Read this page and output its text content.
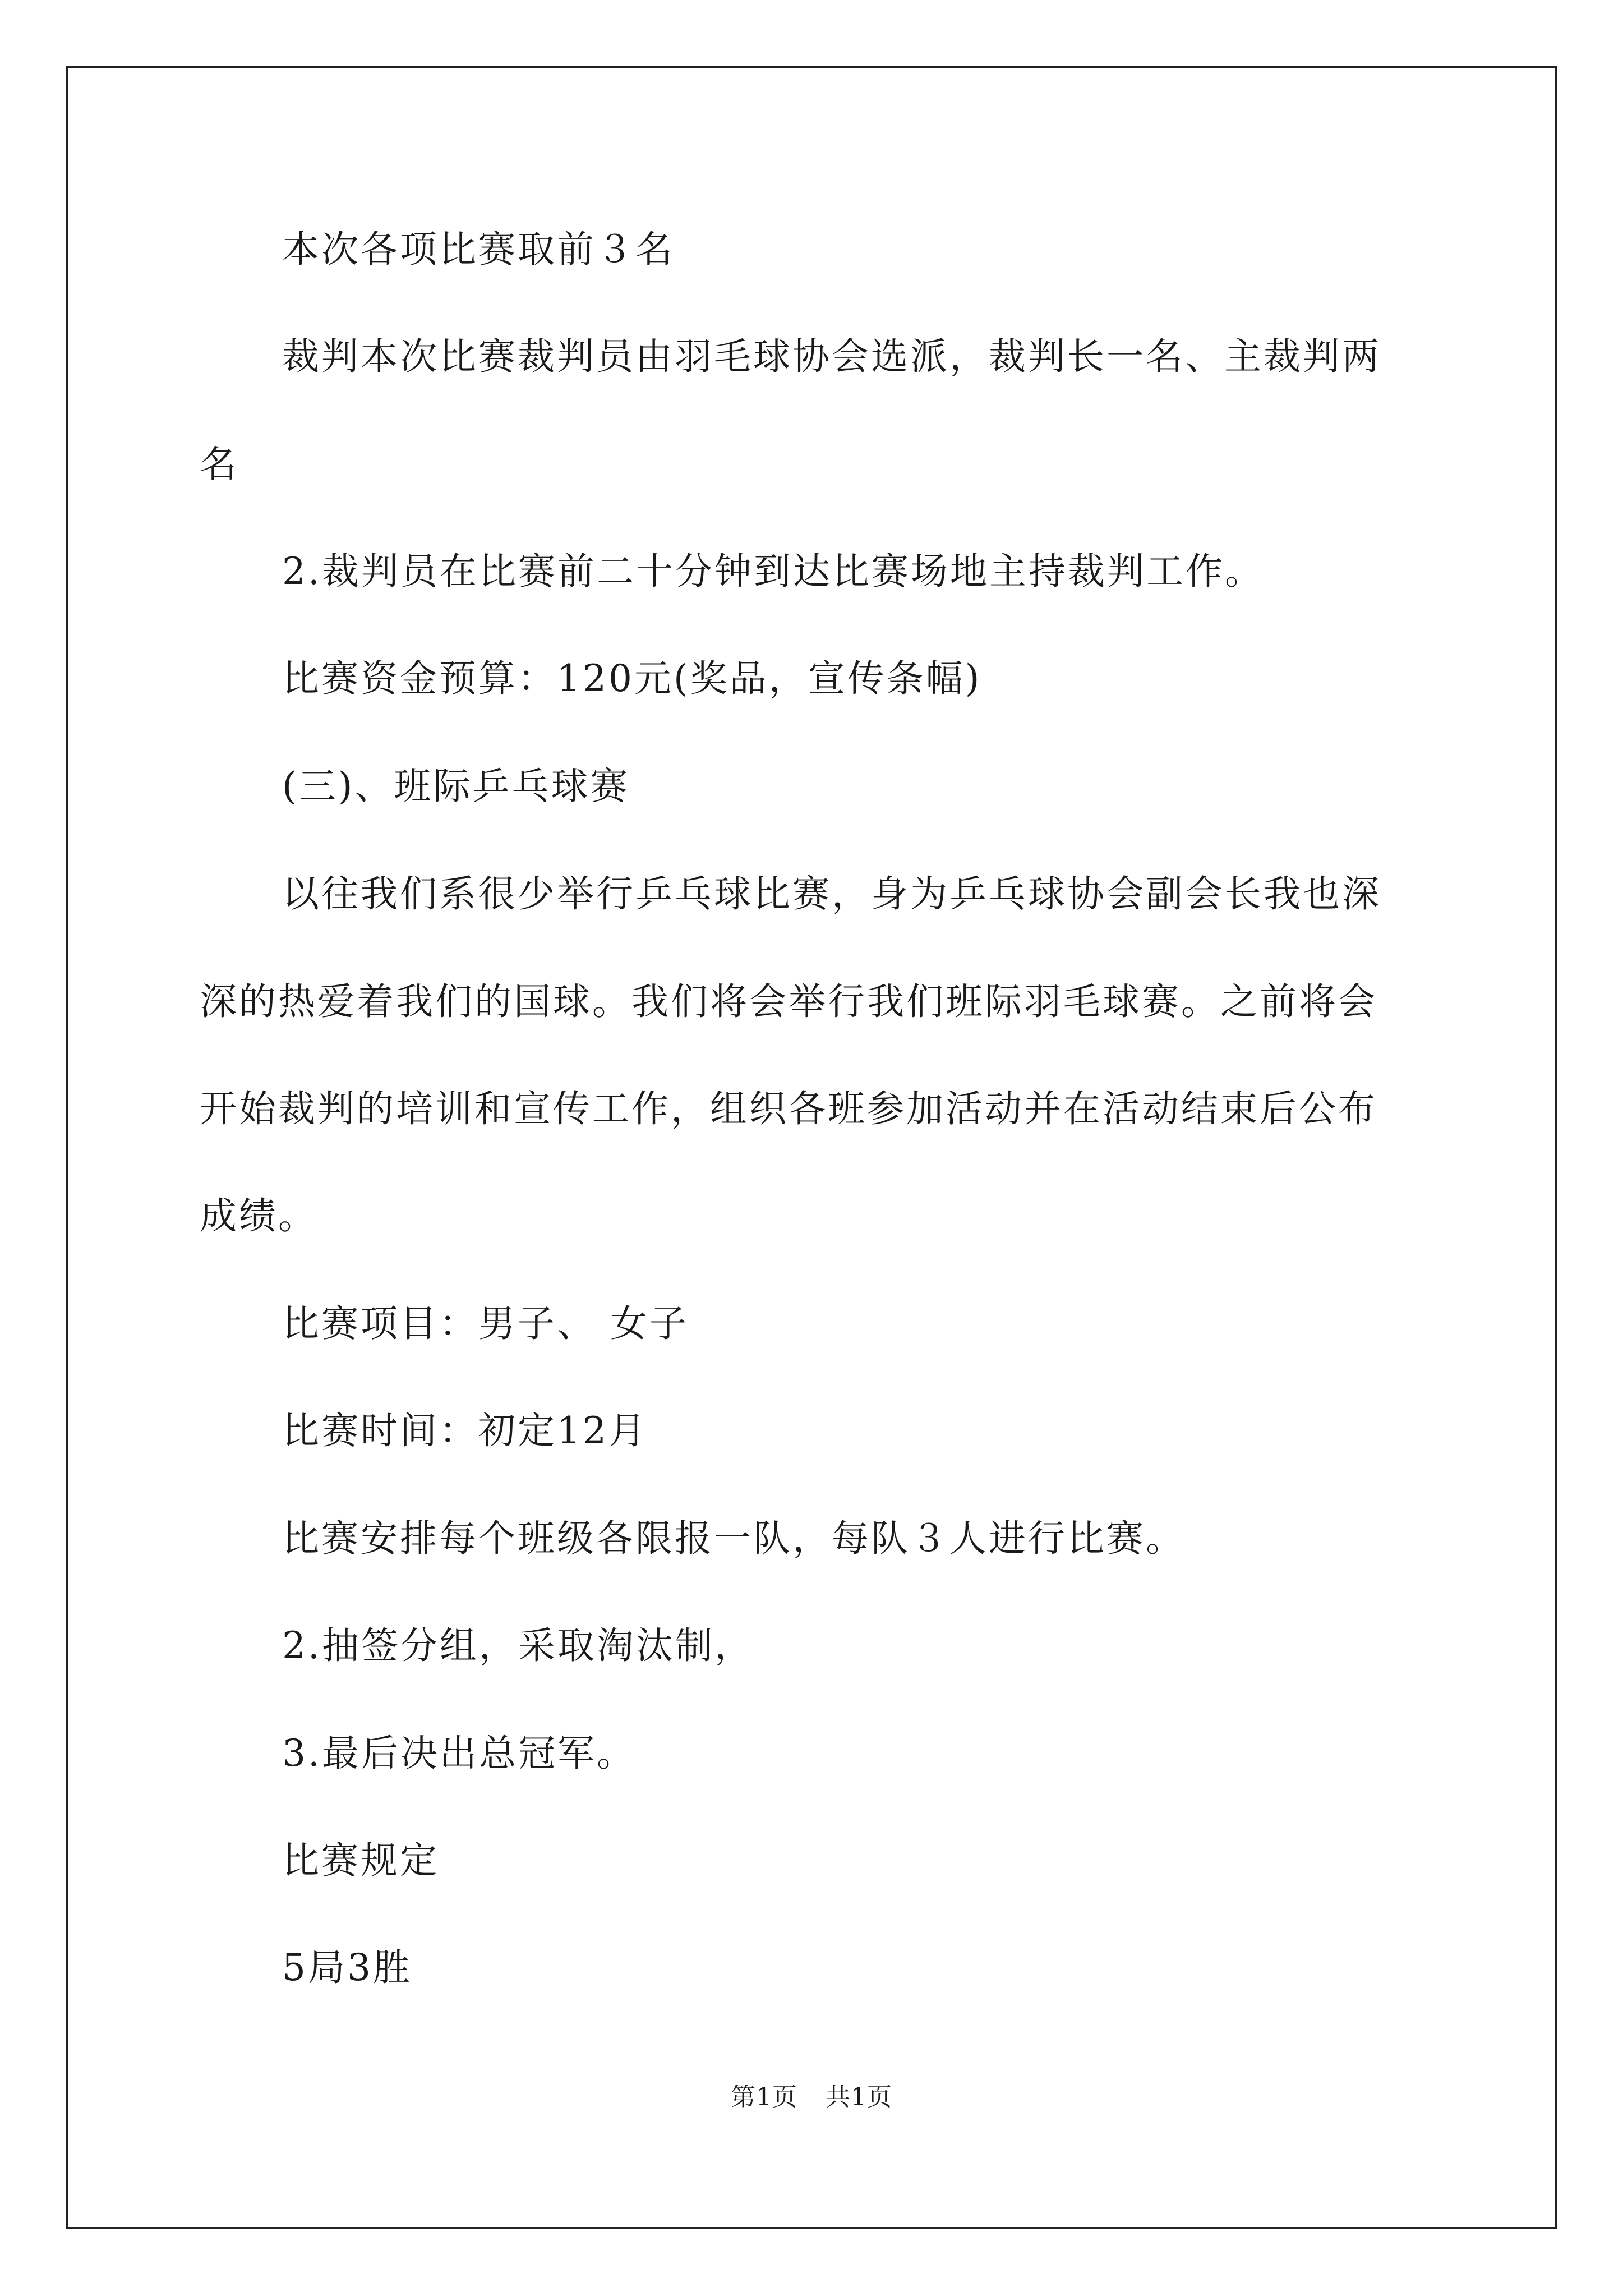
本次各项比赛取前３名
裁判本次比赛裁判员由羽毛球协会选派，裁判长一名、主裁判两
名
2.裁判员在比赛前二十分钟到达比赛场地主持裁判工作。
比赛资金预算：120元(奖品，宣传条幅)
(三)、班际乒乓球赛
以往我们系很少举行乒乓球比赛，身为乒乓球协会副会长我也深
深的热爱着我们的国球。我们将会举行我们班际羽毛球赛。之前将会
开始裁判的培训和宣传工作，组织各班参加活动并在活动结束后公布
成绩。
比赛项目：男子、 女子
比赛时间：初定12月
比赛安排每个班级各限报一队，每队３人进行比赛。
2.抽签分组，采取淘汰制，
3.最后决出总冠军。
比赛规定
5局3胜
第1页 共1页
